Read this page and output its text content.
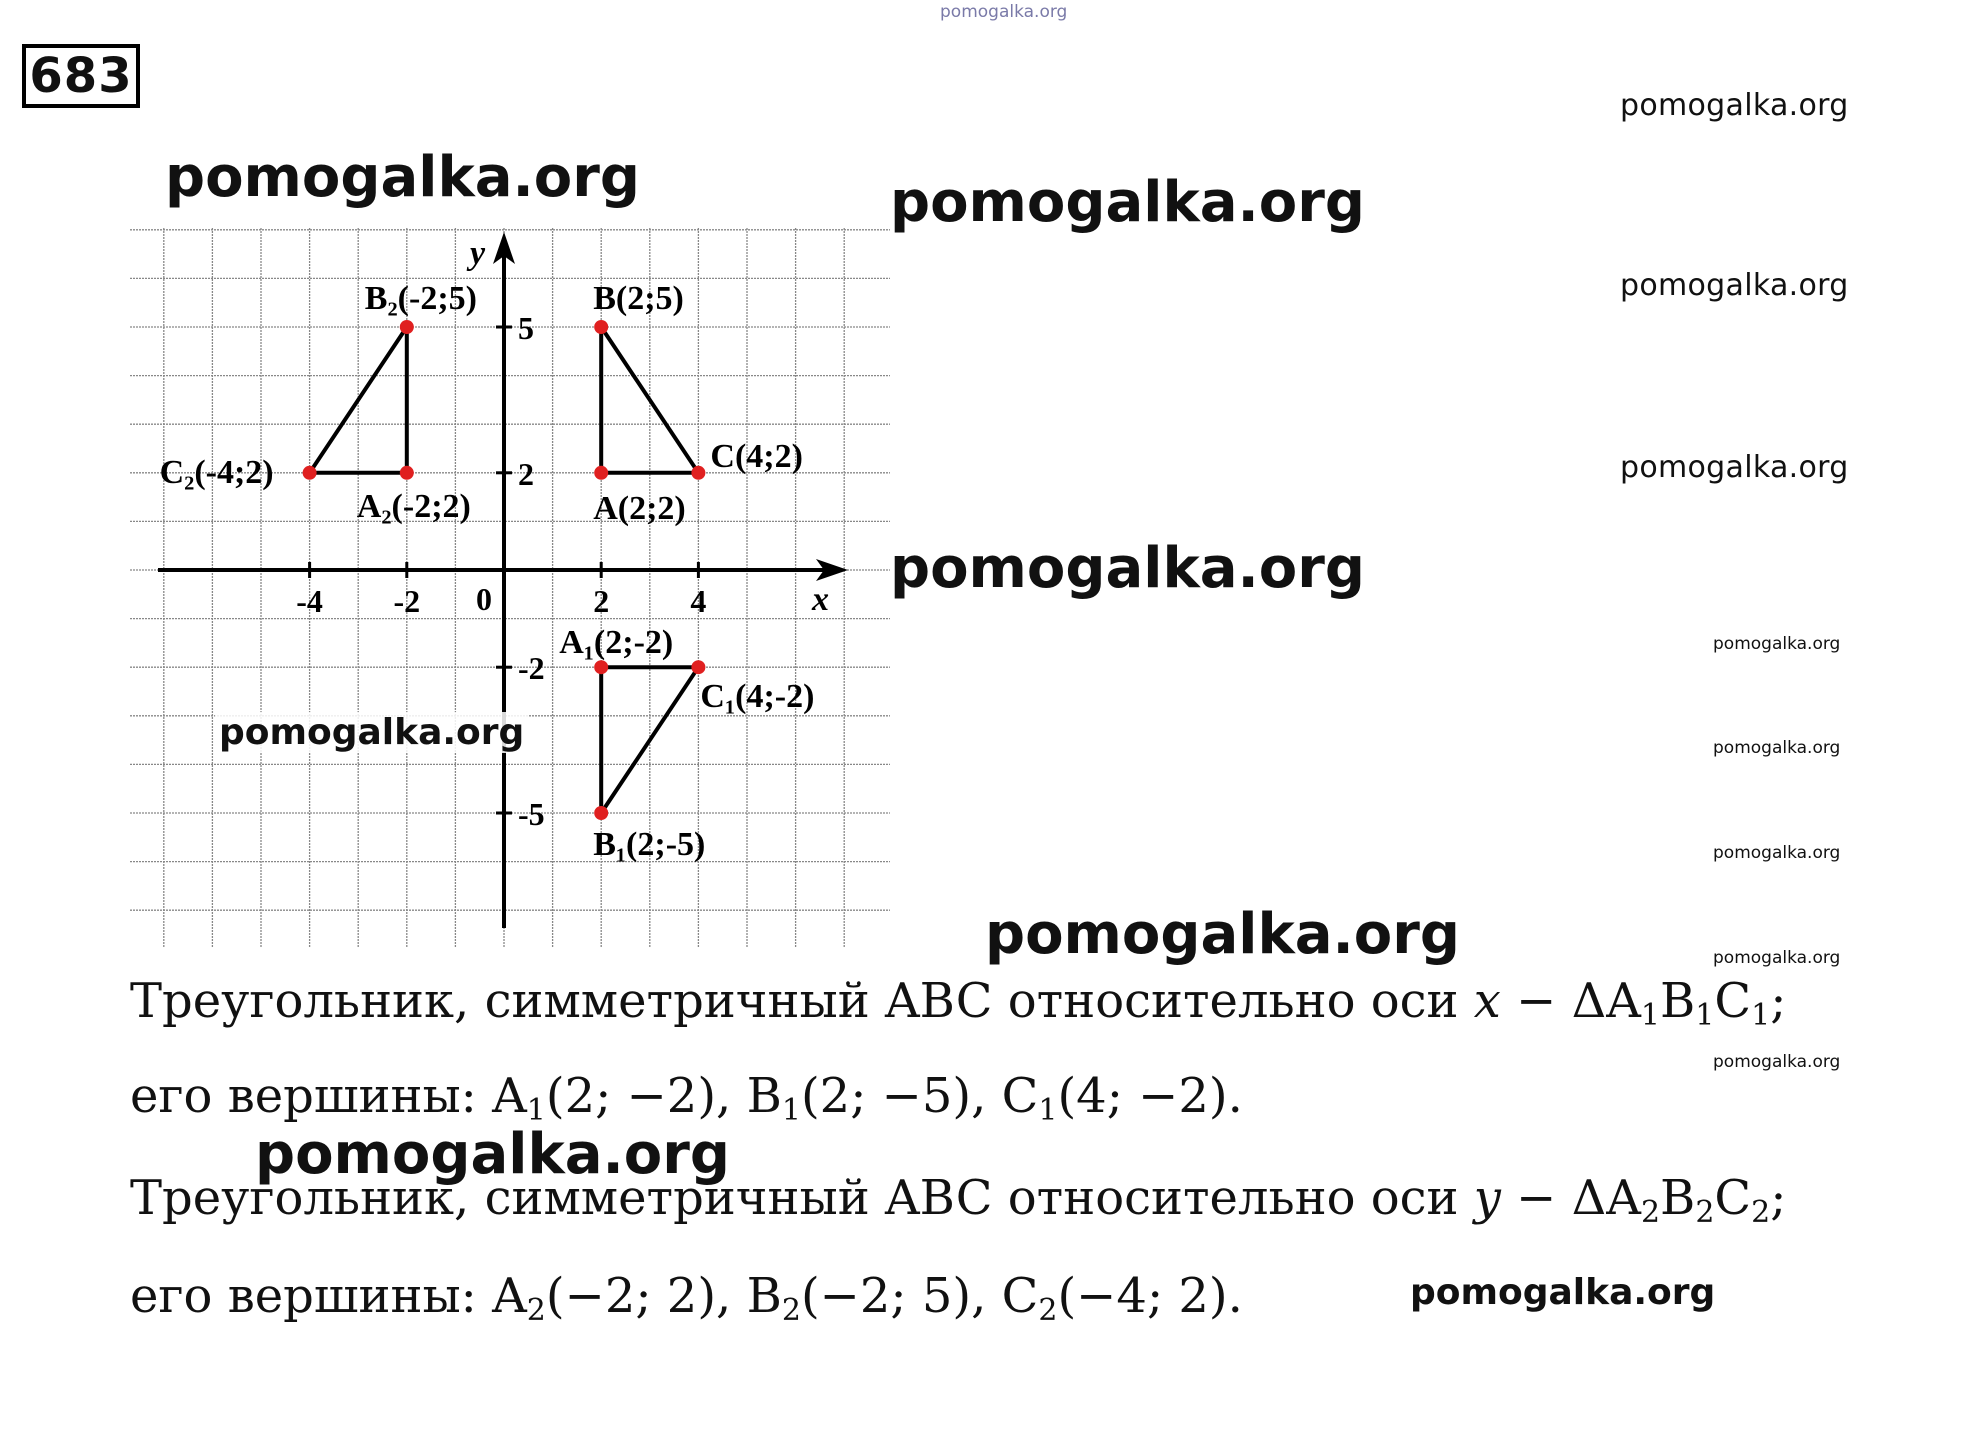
pomogalka.org
683
pomogalka.org
pomogalka.org
pomogalka.org
pomogalka.org
pomogalka.org
pomogalka.org
pomogalka.org
pomogalka.org
x
y
0
-4 -2	2	4
5
2
-2
-5
B(2;5)
A(2;2)
C(4;2)
B₂(-2;5)
A₂(-2;2)
C₂(-4;2)
A₁(2;-2)
C₁(4;-2)
B₁(2;-5)
pomogalka.org	pomogalka.org
pomogalka.org
pomogalka.org
pomogalka.org
Треугольник, симметричный ABC относительно оси $x - \Delta A_1B_1C_1$;
его вершины: $A_1(2$; −2), $B_1(2$; −5), $C_1(4$; −2).
Треугольник, симметричный ABC относительно оси $y - \Delta A_2B_2C_2$;
его вершины: $A_2(-2$; 2), $B_2(-2$; 5), $C_2(-4$; 2).
pomogalka.org
pomogalka.org
